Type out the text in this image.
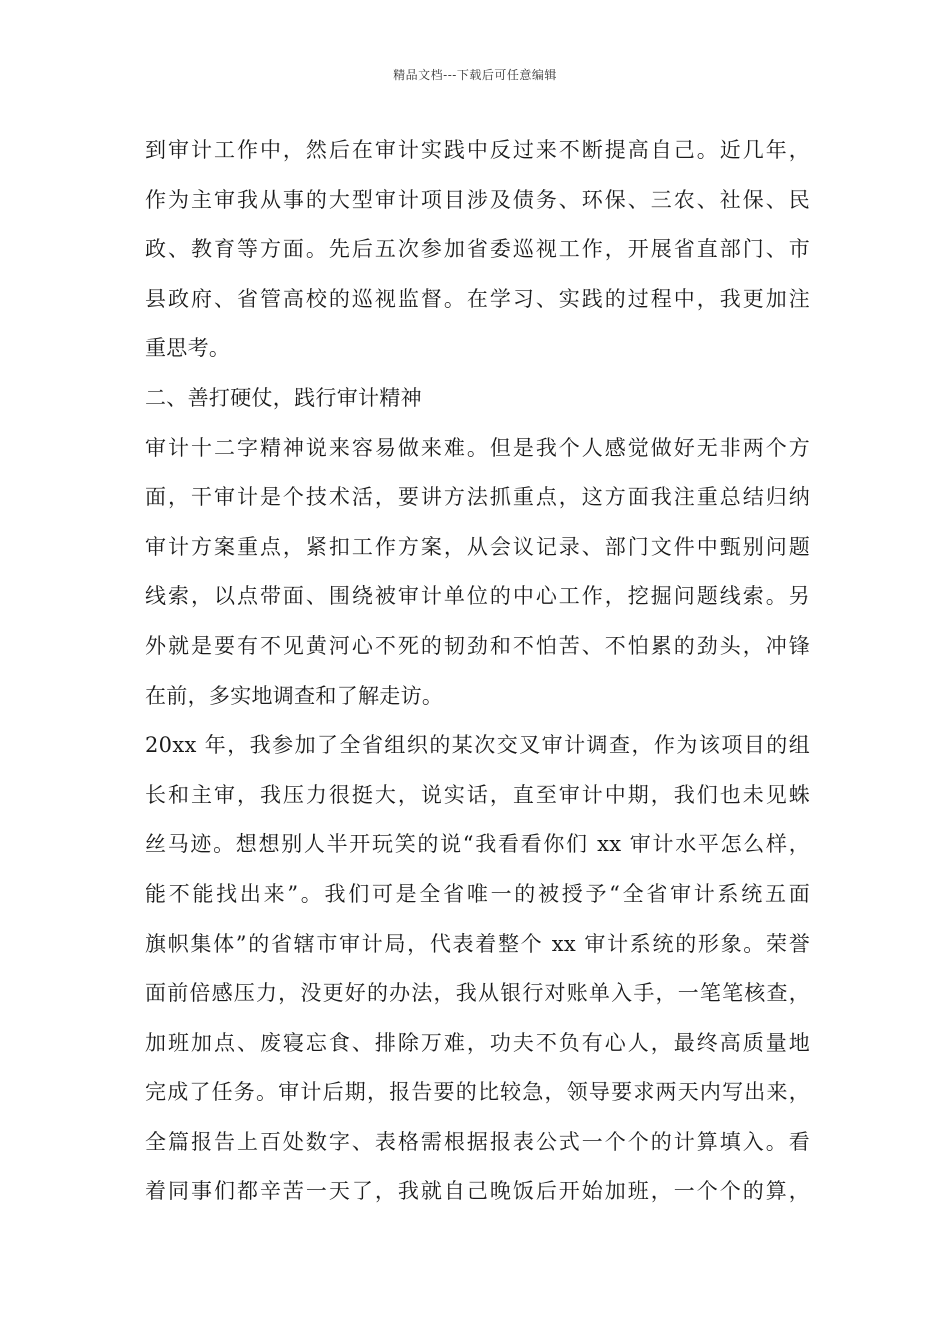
精品文档---下载后可任意编辑
到审计工作中，然后在审计实践中反过来不断提高自己。近几年，
作为主审我从事的大型审计项目涉及债务、环保、三农、社保、民
政、教育等方面。先后五次参加省委巡视工作，开展省直部门、市
县政府、省管高校的巡视监督。在学习、实践的过程中，我更加注
重思考。
二、善打硬仗，践行审计精神
审计十二字精神说来容易做来难。但是我个人感觉做好无非两个方
面，干审计是个技术活，要讲方法抓重点，这方面我注重总结归纳
审计方案重点，紧扣工作方案，从会议记录、部门文件中甄别问题
线索，以点带面、围绕被审计单位的中心工作，挖掘问题线索。另
外就是要有不见黄河心不死的韧劲和不怕苦、不怕累的劲头，冲锋
在前，多实地调查和了解走访。
20xx 年，我参加了全省组织的某次交叉审计调查，作为该项目的组
长和主审，我压力很挺大，说实话，直至审计中期，我们也未见蛛
丝马迹。想想别人半开玩笑的说“我看看你们 xx 审计水平怎么样，
能不能找出来”。我们可是全省唯一的被授予“全省审计系统五面
旗帜集体”的省辖市审计局，代表着整个 xx 审计系统的形象。荣誉
面前倍感压力，没更好的办法，我从银行对账单入手，一笔笔核查，
加班加点、废寝忘食、排除万难，功夫不负有心人，最终高质量地
完成了任务。审计后期，报告要的比较急，领导要求两天内写出来，
全篇报告上百处数字、表格需根据报表公式一个个的计算填入。看
着同事们都辛苦一天了，我就自己晚饭后开始加班，一个个的算，
